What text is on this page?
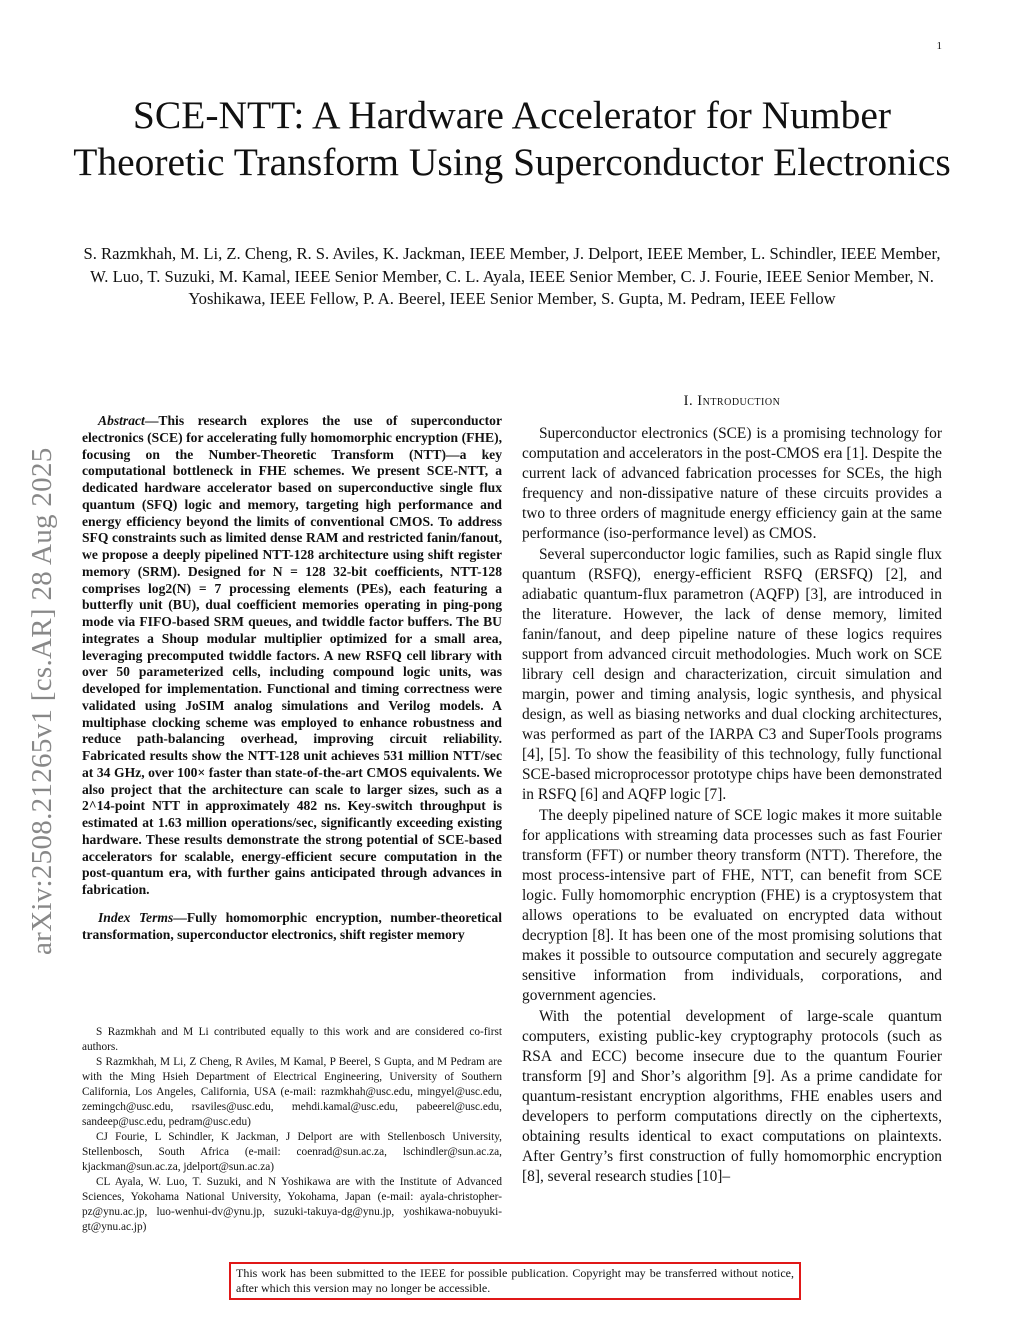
1
SCE-NTT: A Hardware Accelerator for Number Theoretic Transform Using Superconductor Electronics
S. Razmkhah, M. Li, Z. Cheng, R. S. Aviles, K. Jackman, IEEE Member, J. Delport, IEEE Member, L. Schindler, IEEE Member, W. Luo, T. Suzuki, M. Kamal, IEEE Senior Member, C. L. Ayala, IEEE Senior Member, C. J. Fourie, IEEE Senior Member, N. Yoshikawa, IEEE Fellow, P. A. Beerel, IEEE Senior Member, S. Gupta, M. Pedram, IEEE Fellow
arXiv:2508.21265v1 [cs.AR] 28 Aug 2025

Abstract—This research explores the use of superconductor electronics (SCE) for accelerating fully homomorphic encryption (FHE), focusing on the Number-Theoretic Transform (NTT)—a key computational bottleneck in FHE schemes. We present SCE-NTT, a dedicated hardware accelerator based on superconductive single flux quantum (SFQ) logic and memory, targeting high performance and energy efficiency beyond the limits of conventional CMOS. To address SFQ constraints such as limited dense RAM and restricted fanin/fanout, we propose a deeply pipelined NTT-128 architecture using shift register memory (SRM). Designed for N = 128 32-bit coefficients, NTT-128 comprises log2(N) = 7 processing elements (PEs), each featuring a butterfly unit (BU), dual coefficient memories operating in ping-pong mode via FIFO-based SRM queues, and twiddle factor buffers. The BU integrates a Shoup modular multiplier optimized for a small area, leveraging precomputed twiddle factors. A new RSFQ cell library with over 50 parameterized cells, including compound logic units, was developed for implementation. Functional and timing correctness were validated using JoSIM analog simulations and Verilog models. A multiphase clocking scheme was employed to enhance robustness and reduce path-balancing overhead, improving circuit reliability. Fabricated results show the NTT-128 unit achieves 531 million NTT/sec at 34 GHz, over 100× faster than state-of-the-art CMOS equivalents. We also project that the architecture can scale to larger sizes, such as a 2^14-point NTT in approximately 482 ns. Key-switch throughput is estimated at 1.63 million operations/sec, significantly exceeding existing hardware. These results demonstrate the strong potential of SCE-based accelerators for scalable, energy-efficient secure computation in the post-quantum era, with further gains anticipated through advances in fabrication.

Index Terms—Fully homomorphic encryption, number-theoretical transformation, superconductor electronics, shift register memory

S Razmkhah and M Li contributed equally to this work and are considered co-first authors.

S Razmkhah, M Li, Z Cheng, R Aviles, M Kamal, P Beerel, S Gupta, and M Pedram are with the Ming Hsieh Department of Electrical Engineering, University of Southern California, Los Angeles, California, USA (e-mail: razmkhah@usc.edu, mingyel@usc.edu, zemingch@usc.edu, rsaviles@usc.edu, mehdi.kamal@usc.edu, pabeerel@usc.edu, sandeep@usc.edu, pedram@usc.edu)

CJ Fourie, L Schindler, K Jackman, J Delport are with Stellenbosch University, Stellenbosch, South Africa (e-mail: coenrad@sun.ac.za, lschindler@sun.ac.za, kjackman@sun.ac.za, jdelport@sun.ac.za)

CL Ayala, W. Luo, T. Suzuki, and N Yoshikawa are with the Institute of Advanced Sciences, Yokohama National University, Yokohama, Japan (e-mail: ayala-christopher-pz@ynu.ac.jp, luo-wenhui-dv@ynu.jp, suzuki-takuya-dg@ynu.jp, yoshikawa-nobuyuki-gt@ynu.ac.jp)

I. Introduction

Superconductor electronics (SCE) is a promising technology for computation and accelerators in the post-CMOS era [1]. Despite the current lack of advanced fabrication processes for SCEs, the high frequency and non-dissipative nature of these circuits provides a two to three orders of magnitude energy efficiency gain at the same performance (iso-performance level) as CMOS.

Several superconductor logic families, such as Rapid single flux quantum (RSFQ), energy-efficient RSFQ (ERSFQ) [2], and adiabatic quantum-flux parametron (AQFP) [3], are introduced in the literature. However, the lack of dense memory, limited fanin/fanout, and deep pipeline nature of these logics requires support from advanced circuit methodologies. Much work on SCE library cell design and characterization, circuit simulation and margin, power and timing analysis, logic synthesis, and physical design, as well as biasing networks and dual clocking architectures, was performed as part of the IARPA C3 and SuperTools programs [4], [5]. To show the feasibility of this technology, fully functional SCE-based microprocessor prototype chips have been demonstrated in RSFQ [6] and AQFP logic [7].

The deeply pipelined nature of SCE logic makes it more suitable for applications with streaming data processes such as fast Fourier transform (FFT) or number theory transform (NTT). Therefore, the most process-intensive part of FHE, NTT, can benefit from SCE logic. Fully homomorphic encryption (FHE) is a cryptosystem that allows operations to be evaluated on encrypted data without decryption [8]. It has been one of the most promising solutions that makes it possible to outsource computation and securely aggregate sensitive information from individuals, corporations, and government agencies.

With the potential development of large-scale quantum computers, existing public-key cryptography protocols (such as RSA and ECC) become insecure due to the quantum Fourier transform [9] and Shor’s algorithm [9]. As a prime candidate for quantum-resistant encryption algorithms, FHE enables users and developers to perform computations directly on the ciphertexts, obtaining results identical to exact computations on plaintexts. After Gentry’s first construction of fully homomorphic encryption [8], several research studies [10]–

This work has been submitted to the IEEE for possible publication. Copyright may be transferred without notice, after which this version may no longer be accessible.
